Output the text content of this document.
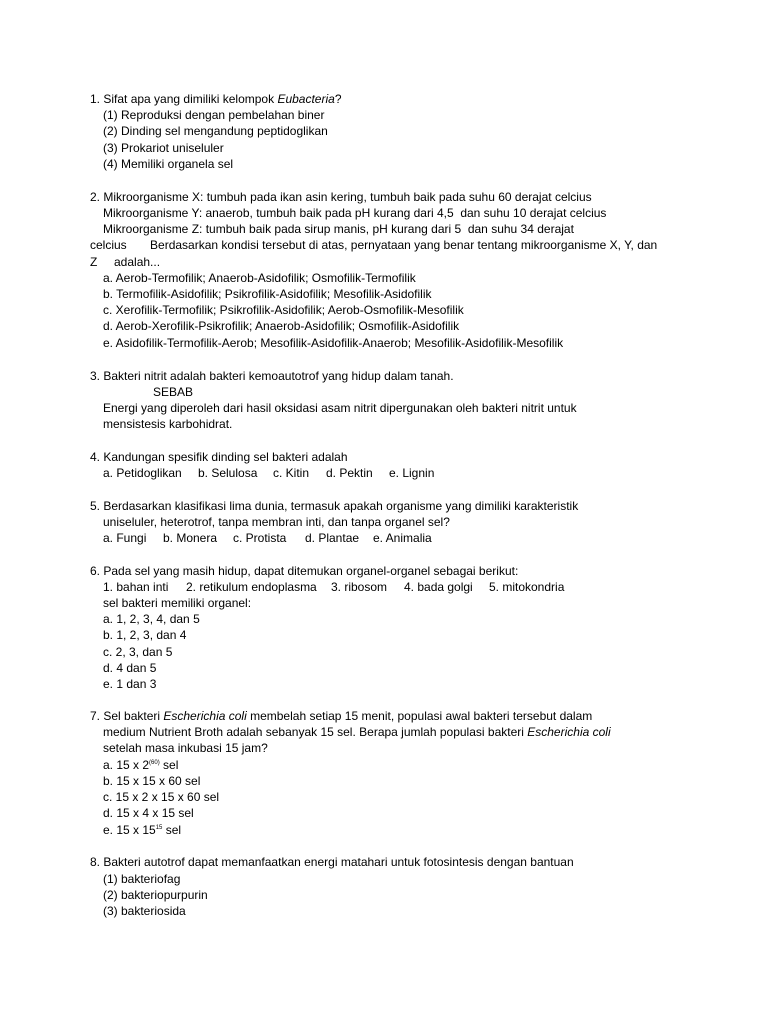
1. Sifat apa yang dimiliki kelompok Eubacteria?
(1) Reproduksi dengan pembelahan biner
(2) Dinding sel mengandung peptidoglikan
(3) Prokariot uniseluler
(4) Memiliki organela sel
2. Mikroorganisme X: tumbuh pada ikan asin kering, tumbuh baik pada suhu 60 derajat celcius
Mikroorganisme Y: anaerob, tumbuh baik pada pH kurang dari 4,5  dan suhu 10 derajat celcius
Mikroorganisme Z: tumbuh baik pada sirup manis, pH kurang dari 5  dan suhu 34 derajat
celcius       Berdasarkan kondisi tersebut di atas, pernyataan yang benar tentang mikroorganisme X, Y, dan
Z     adalah...
a. Aerob-Termofilik; Anaerob-Asidofilik; Osmofilik-Termofilik
b. Termofilik-Asidofilik; Psikrofilik-Asidofilik; Mesofilik-Asidofilik
c. Xerofilik-Termofilik; Psikrofilik-Asidofilik; Aerob-Osmofilik-Mesofilik
d. Aerob-Xerofilik-Psikrofilik; Anaerob-Asidofilik; Osmofilik-Asidofilik
e. Asidofilik-Termofilik-Aerob; Mesofilik-Asidofilik-Anaerob; Mesofilik-Asidofilik-Mesofilik
3. Bakteri nitrit adalah bakteri kemoautotrof yang hidup dalam tanah.
SEBAB
Energi yang diperoleh dari hasil oksidasi asam nitrit dipergunakan oleh bakteri nitrit untuk
mensistesis karbohidrat.
4. Kandungan spesifik dinding sel bakteri adalah
a. Petidoglikan b. Selulosa c. Kitin d. Pektin e. Lignin
5. Berdasarkan klasifikasi lima dunia, termasuk apakah organisme yang dimiliki karakteristik
uniseluler, heterotrof, tanpa membran inti, dan tanpa organel sel?
a. Fungi b. Monera c. Protista d. Plantae e. Animalia
6. Pada sel yang masih hidup, dapat ditemukan organel-organel sebagai berikut:
1. bahan inti 2. retikulum endoplasma 3. ribosom 4. bada golgi 5. mitokondria
sel bakteri memiliki organel:
a. 1, 2, 3, 4, dan 5
b. 1, 2, 3, dan 4
c. 2, 3, dan 5
d. 4 dan 5
e. 1 dan 3
7. Sel bakteri Escherichia coli membelah setiap 15 menit, populasi awal bakteri tersebut dalam
medium Nutrient Broth adalah sebanyak 15 sel. Berapa jumlah populasi bakteri Escherichia coli
setelah masa inkubasi 15 jam?
a. 15 x 2$^{(60)}$ sel
b. 15 x 15 x 60 sel
c. 15 x 2 x 15 x 60 sel
d. 15 x 4 x 15 sel
e. 15 x $15^{15}$ sel
8. Bakteri autotrof dapat memanfaatkan energi matahari untuk fotosintesis dengan bantuan
(1) bakteriofag
(2) bakteriopurpurin
(3) bakteriosida
